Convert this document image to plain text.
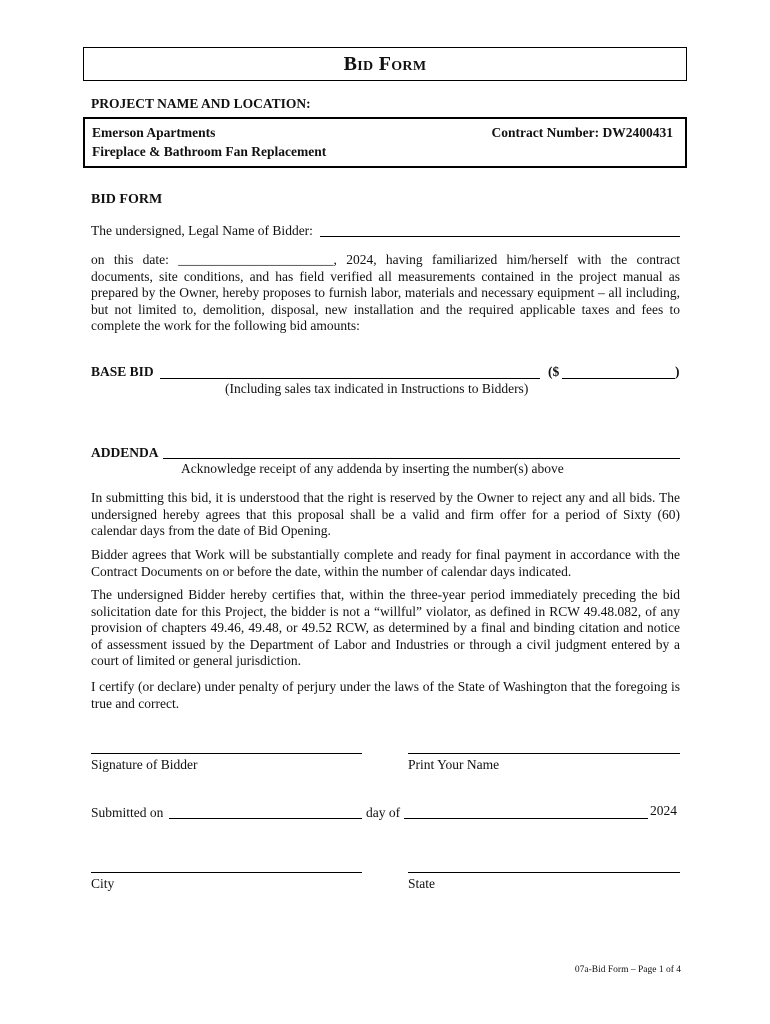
Bid Form
PROJECT NAME AND LOCATION:
Emerson Apartments
Fireplace & Bathroom Fan Replacement
Contract Number: DW2400431
BID FORM
The undersigned, Legal Name of Bidder:
on this date: _______________________, 2024, having familiarized him/herself with the contract documents, site conditions, and has field verified all measurements contained in the project manual as prepared by the Owner, hereby proposes to furnish labor, materials and necessary equipment – all including, but not limited to, demolition, disposal, new installation and the required applicable taxes and fees to complete the work for the following bid amounts:
BASE BID	($	)
(Including sales tax indicated in Instructions to Bidders)
ADDENDA
Acknowledge receipt of any addenda by inserting the number(s) above
In submitting this bid, it is understood that the right is reserved by the Owner to reject any and all bids. The undersigned hereby agrees that this proposal shall be a valid and firm offer for a period of Sixty (60) calendar days from the date of Bid Opening.
Bidder agrees that Work will be substantially complete and ready for final payment in accordance with the Contract Documents on or before the date, within the number of calendar days indicated.
The undersigned Bidder hereby certifies that, within the three-year period immediately preceding the bid solicitation date for this Project, the bidder is not a “willful” violator, as defined in RCW 49.48.082, of any provision of chapters 49.46, 49.48, or 49.52 RCW, as determined by a final and binding citation and notice of assessment issued by the Department of Labor and Industries or through a civil judgment entered by a court of limited or general jurisdiction.
I certify (or declare) under penalty of perjury under the laws of the State of Washington that the foregoing is true and correct.
Signature of Bidder	Print Your Name
Submitted on	day of	2024
City	State
07a-Bid Form – Page 1 of 4
